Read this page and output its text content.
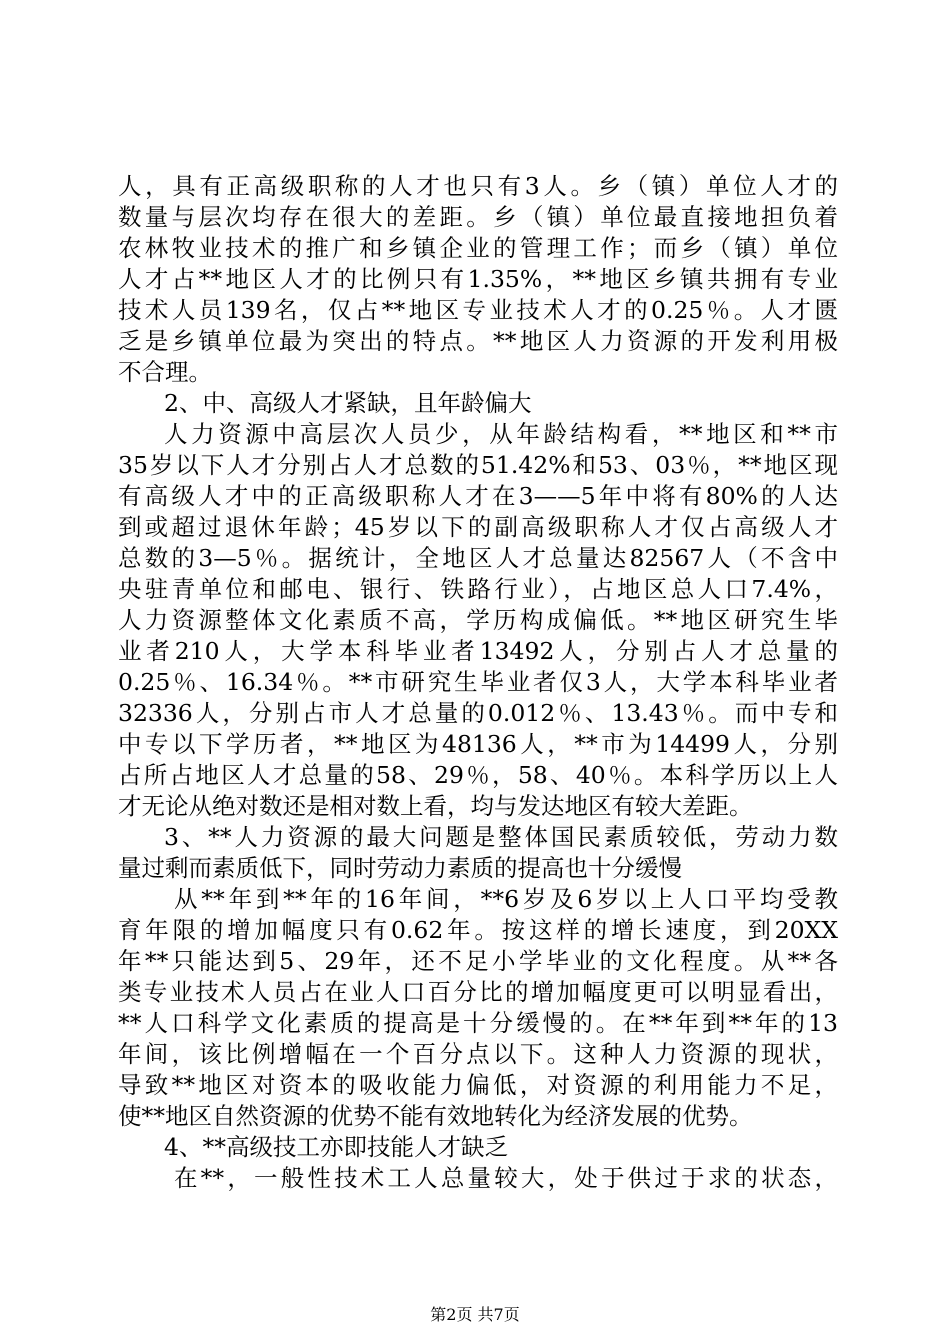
人，具有正高级职称的人才也只有3人。乡（镇）单位人才的
数量与层次均存在很大的差距。乡（镇）单位最直接地担负着
农林牧业技术的推广和乡镇企业的管理工作；而乡（镇）单位
人才占**地区人才的比例只有1.35%，**地区乡镇共拥有专业
技术人员139名，仅占**地区专业技术人才的0.25％。人才匮
乏是乡镇单位最为突出的特点。**地区人力资源的开发利用极
不合理。
2、中、高级人才紧缺，且年龄偏大
人力资源中高层次人员少，从年龄结构看，**地区和**市
35岁以下人才分别占人才总数的51.42%和53、03％，**地区现
有高级人才中的正高级职称人才在3——5年中将有80%的人达
到或超过退休年龄；45岁以下的副高级职称人才仅占高级人才
总数的3—5％。据统计，全地区人才总量达82567人（不含中
央驻青单位和邮电、银行、铁路行业），占地区总人口7.4%，
人力资源整体文化素质不高，学历构成偏低。**地区研究生毕
业者210人，大学本科毕业者13492人，分别占人才总量的
0.25％、16.34％。**市研究生毕业者仅3人，大学本科毕业者
32336人，分别占市人才总量的0.012％、13.43％。而中专和
中专以下学历者，**地区为48136人，**市为14499人，分别
占所占地区人才总量的58、29％，58、40％。本科学历以上人
才无论从绝对数还是相对数上看，均与发达地区有较大差距。
3、**人力资源的最大问题是整体国民素质较低，劳动力数
量过剩而素质低下，同时劳动力素质的提高也十分缓慢
从**年到**年的16年间，**6岁及6岁以上人口平均受教
育年限的增加幅度只有0.62年。按这样的增长速度，到20XX
年**只能达到5、29年，还不足小学毕业的文化程度。从**各
类专业技术人员占在业人口百分比的增加幅度更可以明显看出，
**人口科学文化素质的提高是十分缓慢的。在**年到**年的13
年间，该比例增幅在一个百分点以下。这种人力资源的现状，
导致**地区对资本的吸收能力偏低，对资源的利用能力不足，
使**地区自然资源的优势不能有效地转化为经济发展的优势。
4、**高级技工亦即技能人才缺乏
在**，一般性技术工人总量较大，处于供过于求的状态，
第2页 共7页
